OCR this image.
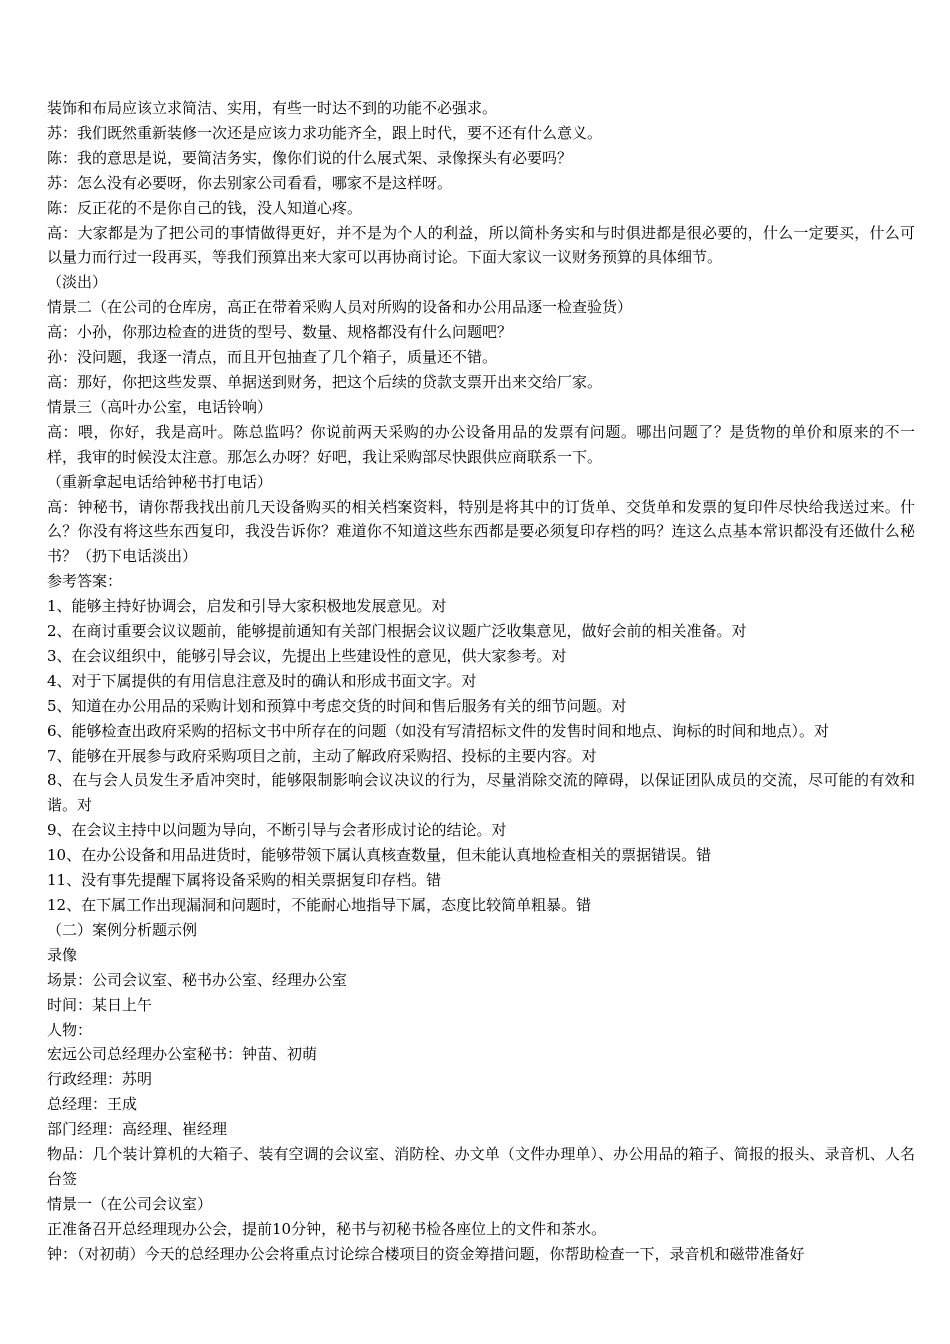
装饰和布局应该立求简洁、实用，有些一时达不到的功能不必强求。

苏：我们既然重新装修一次还是应该力求功能齐全，跟上时代，要不还有什么意义。

陈：我的意思是说，要简洁务实，像你们说的什么展式架、录像探头有必要吗？

苏：怎么没有必要呀，你去别家公司看看，哪家不是这样呀。

陈：反正花的不是你自己的钱，没人知道心疼。

高：大家都是为了把公司的事情做得更好，并不是为个人的利益，所以简朴务实和与时俱进都是很必要的，什么一定要买，什么可以量力而行过一段再买，等我们预算出来大家可以再协商讨论。下面大家议一议财务预算的具体细节。

（淡出）

情景二（在公司的仓库房，高正在带着采购人员对所购的设备和办公用品逐一检查验货）

高：小孙，你那边检查的进货的型号、数量、规格都没有什么问题吧？

孙：没问题，我逐一清点，而且开包抽查了几个箱子，质量还不错。

高：那好，你把这些发票、单据送到财务，把这个后续的贷款支票开出来交给厂家。

情景三（高叶办公室，电话铃响）

高：喂，你好，我是高叶。陈总监吗？你说前两天采购的办公设备用品的发票有问题。哪出问题了？是货物的单价和原来的不一样，我审的时候没太注意。那怎么办呀？好吧，我让采购部尽快跟供应商联系一下。

（重新拿起电话给钟秘书打电话）

高：钟秘书，请你帮我找出前几天设备购买的相关档案资料，特别是将其中的订货单、交货单和发票的复印件尽快给我送过来。什么？你没有将这些东西复印，我没告诉你？难道你不知道这些东西都是要必须复印存档的吗？连这么点基本常识都没有还做什么秘书？（扔下电话淡出）

参考答案：

1、能够主持好协调会，启发和引导大家积极地发展意见。对

2、在商讨重要会议议题前，能够提前通知有关部门根据会议议题广泛收集意见，做好会前的相关准备。对

3、在会议组织中，能够引导会议，先提出上些建设性的意见，供大家参考。对

4、对于下属提供的有用信息注意及时的确认和形成书面文字。对

5、知道在办公用品的采购计划和预算中考虑交货的时间和售后服务有关的细节问题。对

6、能够检查出政府采购的招标文书中所存在的问题（如没有写清招标文件的发售时间和地点、询标的时间和地点）。对

7、能够在开展参与政府采购项目之前，主动了解政府采购招、投标的主要内容。对

8、在与会人员发生矛盾冲突时，能够限制影响会议决议的行为，尽量消除交流的障碍，以保证团队成员的交流，尽可能的有效和谐。对

9、在会议主持中以问题为导向，不断引导与会者形成讨论的结论。对

10、在办公设备和用品进货时，能够带领下属认真核查数量，但未能认真地检查相关的票据错误。错

11、没有事先提醒下属将设备采购的相关票据复印存档。错

12、在下属工作出现漏洞和问题时，不能耐心地指导下属，态度比较简单粗暴。错

（二）案例分析题示例

录像

场景：公司会议室、秘书办公室、经理办公室

时间：某日上午

人物：

宏远公司总经理办公室秘书：钟苗、初萌

行政经理：苏明

总经理：王成

部门经理：高经理、崔经理

物品：几个装计算机的大箱子、装有空调的会议室、消防栓、办文单（文件办理单）、办公用品的箱子、简报的报头、录音机、人名台签

情景一（在公司会议室）

正准备召开总经理现办公会，提前10分钟，秘书与初秘书检各座位上的文件和茶水。

钟：（对初萌）今天的总经理办公会将重点讨论综合楼项目的资金筹措问题，你帮助检查一下，录音机和磁带准备好
